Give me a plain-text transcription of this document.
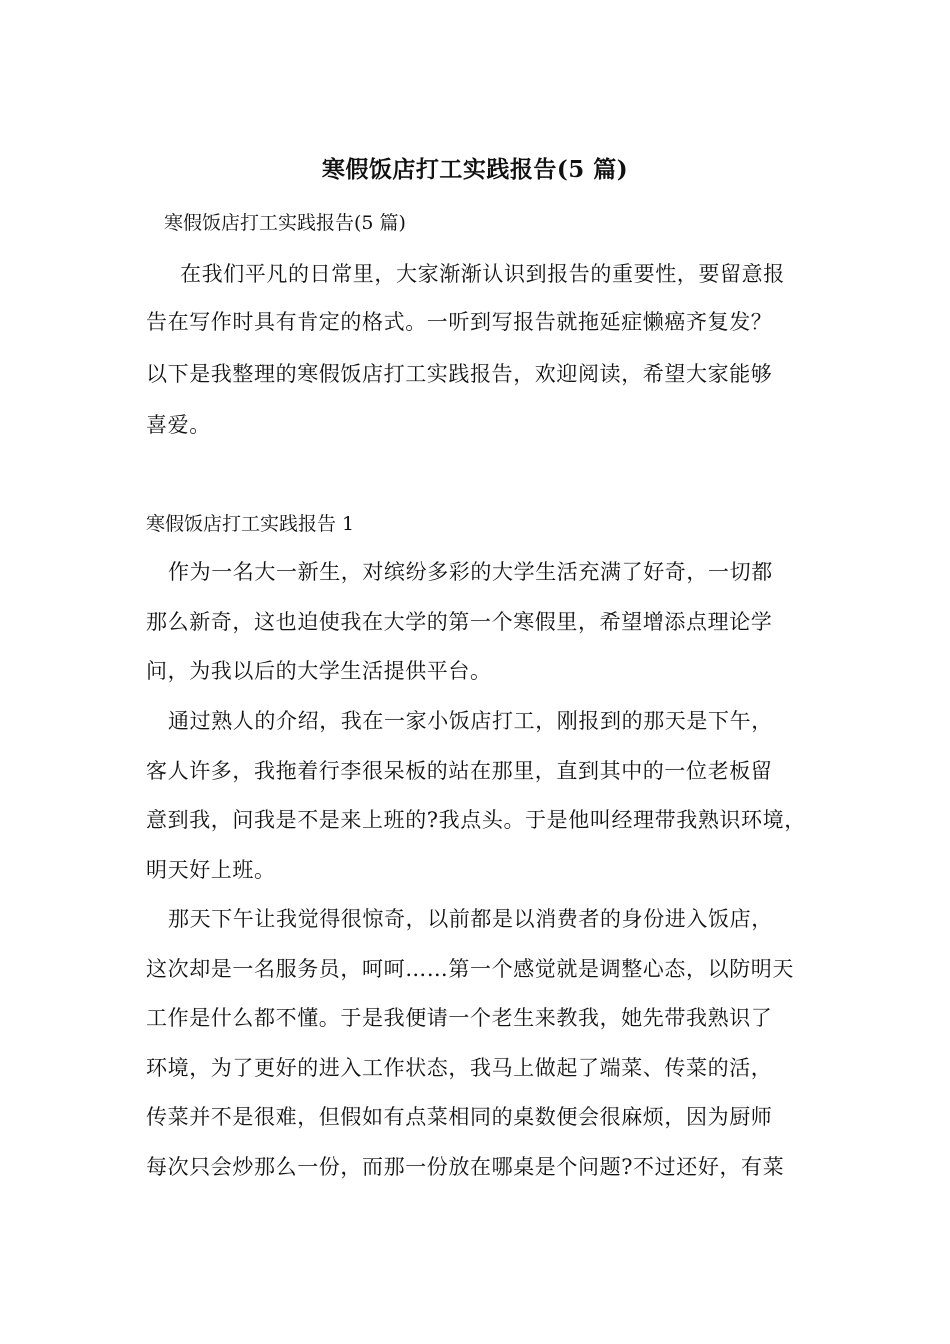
寒假饭店打工实践报告(5 篇)
寒假饭店打工实践报告(5 篇)
在我们平凡的日常里，大家渐渐认识到报告的重要性，要留意报
告在写作时具有肯定的格式。一听到写报告就拖延症懒癌齐复发？
以下是我整理的寒假饭店打工实践报告，欢迎阅读，希望大家能够
喜爱。
寒假饭店打工实践报告 1
作为一名大一新生，对缤纷多彩的大学生活充满了好奇，一切都
那么新奇，这也迫使我在大学的第一个寒假里，希望增添点理论学
问，为我以后的大学生活提供平台。
通过熟人的介绍，我在一家小饭店打工，刚报到的那天是下午，
客人许多，我拖着行李很呆板的站在那里，直到其中的一位老板留
意到我，问我是不是来上班的?我点头。于是他叫经理带我熟识环境，
明天好上班。
那天下午让我觉得很惊奇，以前都是以消费者的身份进入饭店，
这次却是一名服务员，呵呵……第一个感觉就是调整心态，以防明天
工作是什么都不懂。于是我便请一个老生来教我，她先带我熟识了
环境，为了更好的进入工作状态，我马上做起了端菜、传菜的活，
传菜并不是很难，但假如有点菜相同的桌数便会很麻烦，因为厨师
每次只会炒那么一份，而那一份放在哪桌是个问题?不过还好，有菜
